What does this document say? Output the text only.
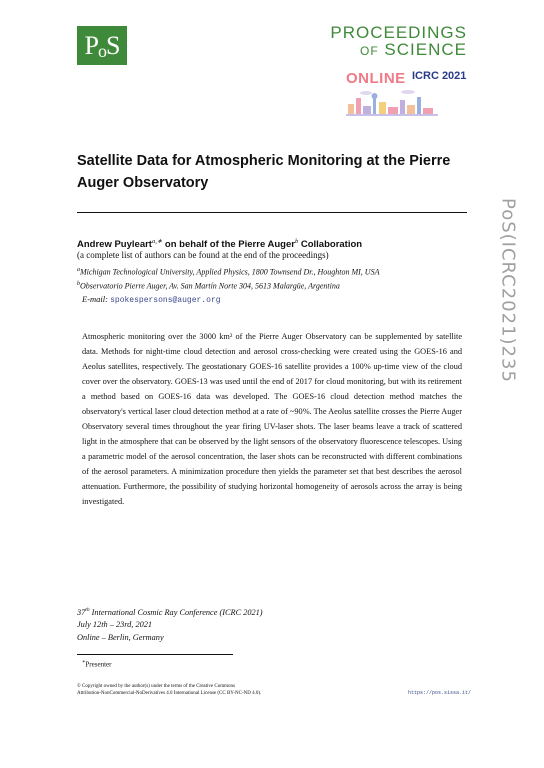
P o S	PROCEEDINGS
OF SCIENCE
ONLINE ICRC 2021
Satellite Data for Atmospheric Monitoring at the Pierre Auger Observatory
Andrew Puyleart$^{a,∗}$ on behalf of the Pierre Auger$^b$ Collaboration
(a complete list of authors can be found at the end of the proceedings)
$^a$Michigan Technological University, Applied Physics, 1800 Townsend Dr., Houghton MI, USA
$^b$Observatorio Pierre Auger, Av. San Martín Norte 304, 5613 Malargüe, Argentina
E-mail: spokespersons@auger.org
Atmospheric monitoring over the 3000 km² of the Pierre Auger Observatory can be supplemented by satellite data. Methods for night-time cloud detection and aerosol cross-checking were created using the GOES-16 and Aeolus satellites, respectively. The geostationary GOES-16 satellite provides a 100% up-time view of the cloud cover over the observatory. GOES-13 was used until the end of 2017 for cloud monitoring, but with its retirement a method based on GOES-16 data was developed. The GOES-16 cloud detection method matches the observatory's vertical laser cloud detection method at a rate of ~90%. The Aeolus satellite crosses the Pierre Auger Observatory several times throughout the year firing UV-laser shots. The laser beams leave a track of scattered light in the atmosphere that can be observed by the light sensors of the observatory fluorescence telescopes. Using a parametric model of the aerosol concentration, the laser shots can be reconstructed with different combinations of the aerosol parameters. A minimization procedure then yields the parameter set that best describes the aerosol attenuation. Furthermore, the possibility of studying horizontal homogeneity of aerosols across the array is being investigated.
37th International Cosmic Ray Conference (ICRC 2021)
July 12th – 23rd, 2021
Online – Berlin, Germany
∗Presenter
© Copyright owned by the author(s) under the terms of the Creative Commons
Attribution-NonCommercial-NoDerivatives 4.0 International License (CC BY-NC-ND 4.0).	https://pos.sissa.it/
PoS(ICRC2021)235
